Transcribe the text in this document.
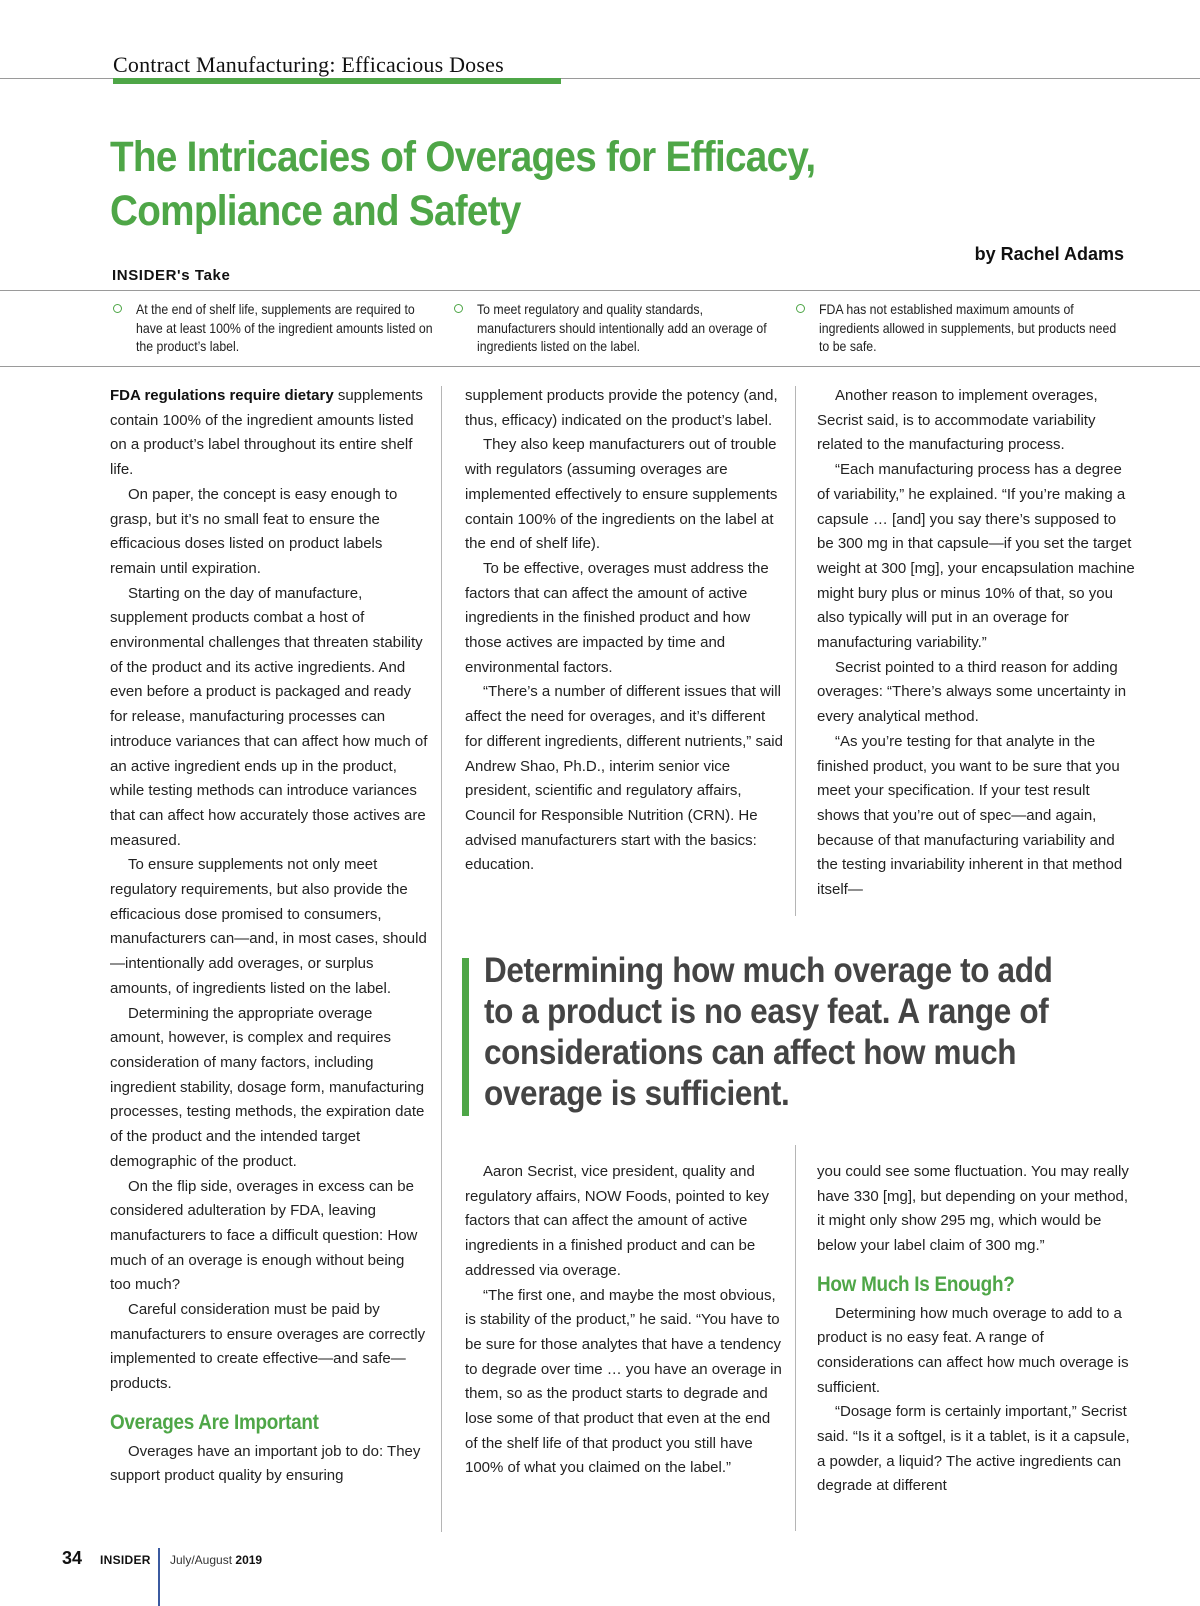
Contract Manufacturing: Efficacious Doses
The Intricacies of Overages for Efficacy,
Compliance and Safety
by Rachel Adams
INSIDER's Take
At the end of shelf life, supplements are required to have at least 100% of the ingredient amounts listed on the product’s label.
To meet regulatory and quality standards, manufacturers should intentionally add an overage of ingredients listed on the label.
FDA has not established maximum amounts of ingredients allowed in supplements, but products need to be safe.

FDA regulations require dietary supplements contain 100% of the ingredient amounts listed on a product’s label throughout its entire shelf life.

On paper, the concept is easy enough to grasp, but it’s no small feat to ensure the efficacious doses listed on product labels remain until expiration.

Starting on the day of manufacture, supplement products combat a host of environmental challenges that threaten stability of the product and its active ingredients. And even before a product is packaged and ready for release, manufacturing processes can introduce variances that can affect how much of an active ingredient ends up in the product, while testing methods can introduce variances that can affect how accurately those actives are measured.

To ensure supplements not only meet regulatory requirements, but also provide the efficacious dose promised to consumers, manufacturers can—and, in most cases, should—intentionally add overages, or surplus amounts, of ingredients listed on the label.

Determining the appropriate overage amount, however, is complex and requires consideration of many factors, including ingredient stability, dosage form, manufacturing processes, testing methods, the expiration date of the product and the intended target demographic of the product.

On the flip side, overages in excess can be considered adulteration by FDA, leaving manufacturers to face a difficult question: How much of an overage is enough without being too much?

Careful consideration must be paid by manufacturers to ensure overages are correctly implemented to create effective—and safe—products.

Overages Are Important

Overages have an important job to do: They support product quality by ensuring

supplement products provide the potency (and, thus, efficacy) indicated on the product’s label.

They also keep manufacturers out of trouble with regulators (assuming overages are implemented effectively to ensure supplements contain 100% of the ingredients on the label at the end of shelf life).

To be effective, overages must address the factors that can affect the amount of active ingredients in the finished product and how those actives are impacted by time and environmental factors.

“There’s a number of different issues that will affect the need for overages, and it’s different for different ingredients, different nutrients,” said Andrew Shao, Ph.D., interim senior vice president, scientific and regulatory affairs, Council for Responsible Nutrition (CRN). He advised manufacturers start with the basics: education.

Another reason to implement overages, Secrist said, is to accommodate variability related to the manufacturing process.

“Each manufacturing process has a degree of variability,” he explained. “If you’re making a capsule … [and] you say there’s supposed to be 300 mg in that capsule—if you set the target weight at 300 [mg], your encapsulation machine might bury plus or minus 10% of that, so you also typically will put in an overage for manufacturing variability.”

Secrist pointed to a third reason for adding overages: “There’s always some uncertainty in every analytical method.

“As you’re testing for that analyte in the finished product, you want to be sure that you meet your specification. If your test result shows that you’re out of spec—and again, because of that manufacturing variability and the testing invariability inherent in that method itself—

Determining how much overage to add
to a product is no easy feat. A range of
considerations can affect how much
overage is sufficient.

Aaron Secrist, vice president, quality and regulatory affairs, NOW Foods, pointed to key factors that can affect the amount of active ingredients in a finished product and can be addressed via overage.

“The first one, and maybe the most obvious, is stability of the product,” he said. “You have to be sure for those analytes that have a tendency to degrade over time … you have an overage in them, so as the product starts to degrade and lose some of that product that even at the end of the shelf life of that product you still have 100% of what you claimed on the label.”

you could see some fluctuation. You may really have 330 [mg], but depending on your method, it might only show 295 mg, which would be below your label claim of 300 mg.”

How Much Is Enough?

Determining how much overage to add to a product is no easy feat. A range of considerations can affect how much overage is sufficient.

“Dosage form is certainly important,” Secrist said. “Is it a softgel, is it a tablet, is it a capsule, a powder, a liquid? The active ingredients can degrade at different

34 INSIDER July/August 2019
